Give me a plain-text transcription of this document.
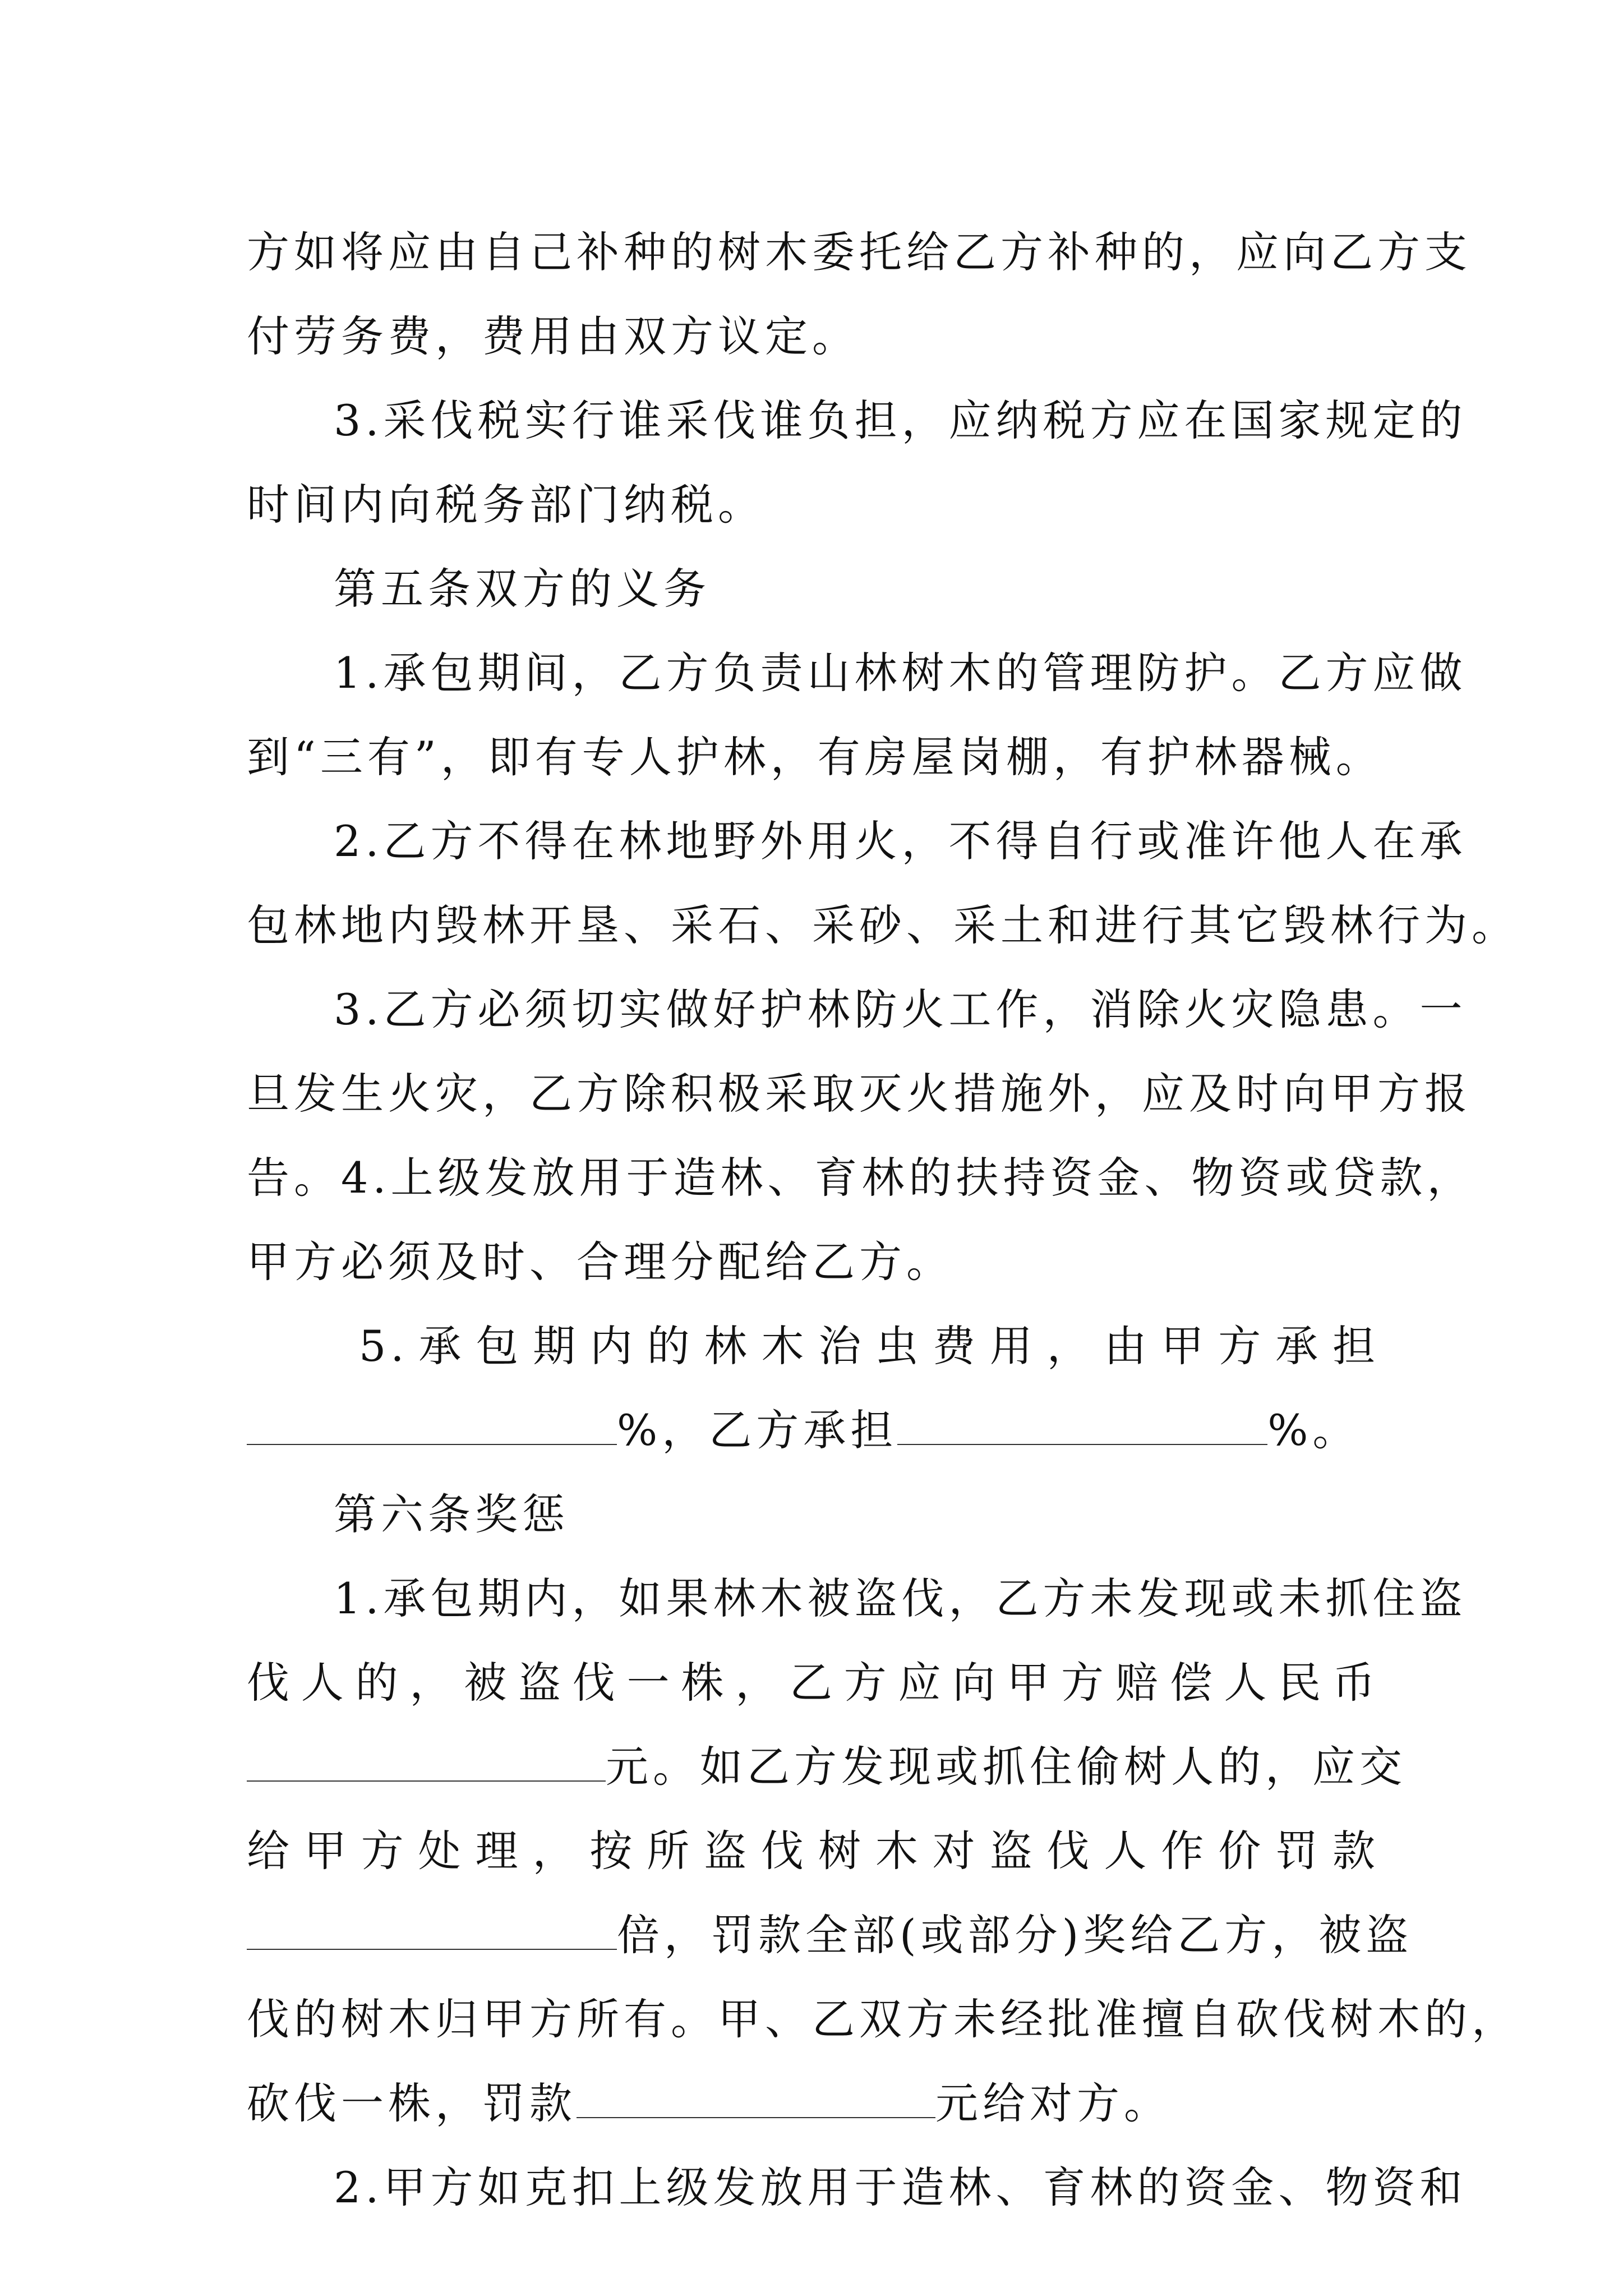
方如将应由自己补种的树木委托给乙方补种的，应向乙方支
付劳务费，费用由双方议定。
3.采伐税实行谁采伐谁负担，应纳税方应在国家规定的
时间内向税务部门纳税。
第五条双方的义务
1.承包期间，乙方负责山林树木的管理防护。乙方应做
到“三有”，即有专人护林，有房屋岗棚，有护林器械。
2.乙方不得在林地野外用火，不得自行或准许他人在承
包林地内毁林开垦、采石、采砂、采土和进行其它毁林行为。
3.乙方必须切实做好护林防火工作，消除火灾隐患。一
旦发生火灾，乙方除积极采取灭火措施外，应及时向甲方报
告。4.上级发放用于造林、育林的扶持资金、物资或贷款，
甲方必须及时、合理分配给乙方。
5.承包期内的林木治虫费用，由甲方承担
%，乙方承担	%。
第六条奖惩
1.承包期内，如果林木被盗伐，乙方未发现或未抓住盗
伐人的，被盗伐一株，乙方应向甲方赔偿人民币
元。如乙方发现或抓住偷树人的，应交
给甲方处理，按所盗伐树木对盗伐人作价罚款
倍，罚款全部(或部分)奖给乙方，被盗
伐的树木归甲方所有。甲、乙双方未经批准擅自砍伐树木的，
砍伐一株，罚款	元给对方。
2.甲方如克扣上级发放用于造林、育林的资金、物资和
